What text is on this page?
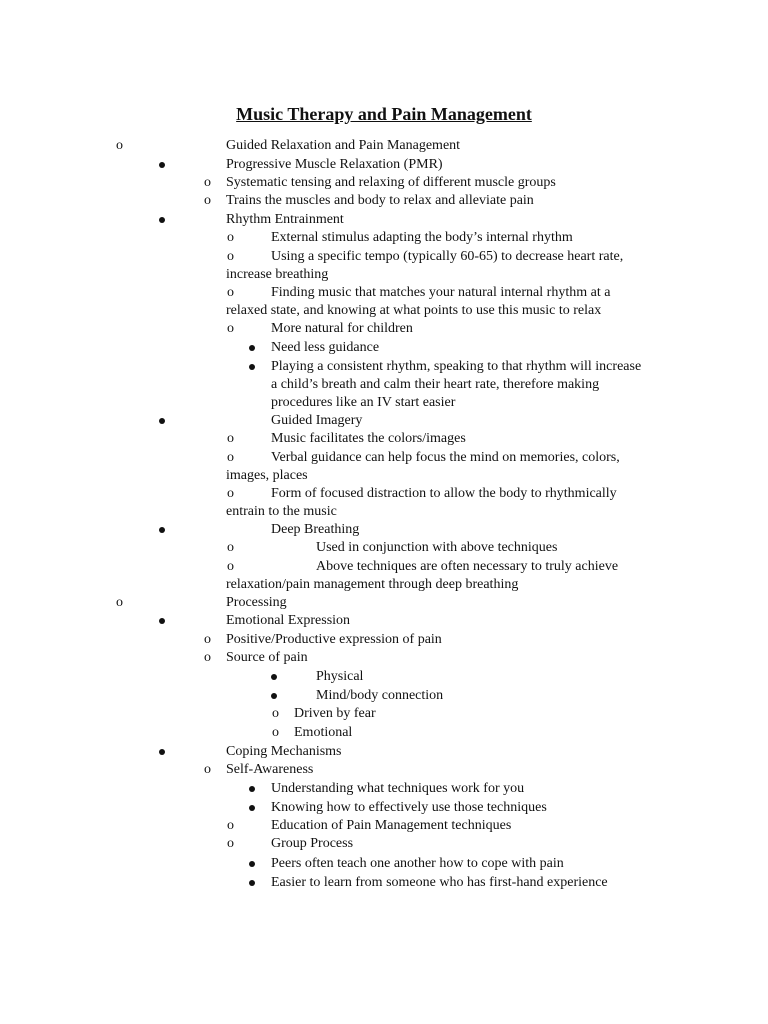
Music Therapy and Pain Management
o	Guided Relaxation and Pain Management

Progressive Muscle Relaxation (PMR)

o Systematic tensing and relaxing of different muscle groups

o Trains the muscles and body to relax and alleviate pain

Rhythm Entrainment

o	External stimulus adapting the body’s internal rhythm

o	Using a specific tempo (typically 60-65) to decrease heart rate,

increase breathing

o	Finding music that matches your natural internal rhythm at a

relaxed state, and knowing at what points to use this music to relax

o	More natural for children

Need less guidance

Playing a consistent rhythm, speaking to that rhythm will increase

a child’s breath and calm their heart rate, therefore making

procedures like an IV start easier

Guided Imagery

o	Music facilitates the colors/images

o	Verbal guidance can help focus the mind on memories, colors,

images, places

o	Form of focused distraction to allow the body to rhythmically

entrain to the music

Deep Breathing

o	Used in conjunction with above techniques

o	Above techniques are often necessary to truly achieve

relaxation/pain management through deep breathing

o	Processing

Emotional Expression

o Positive/Productive expression of pain

o Source of pain

Physical

Mind/body connection

o Driven by fear

o Emotional

Coping Mechanisms

o Self-Awareness

Understanding what techniques work for you

Knowing how to effectively use those techniques

o	Education of Pain Management techniques

o	Group Process

Peers often teach one another how to cope with pain

Easier to learn from someone who has first-hand experience
